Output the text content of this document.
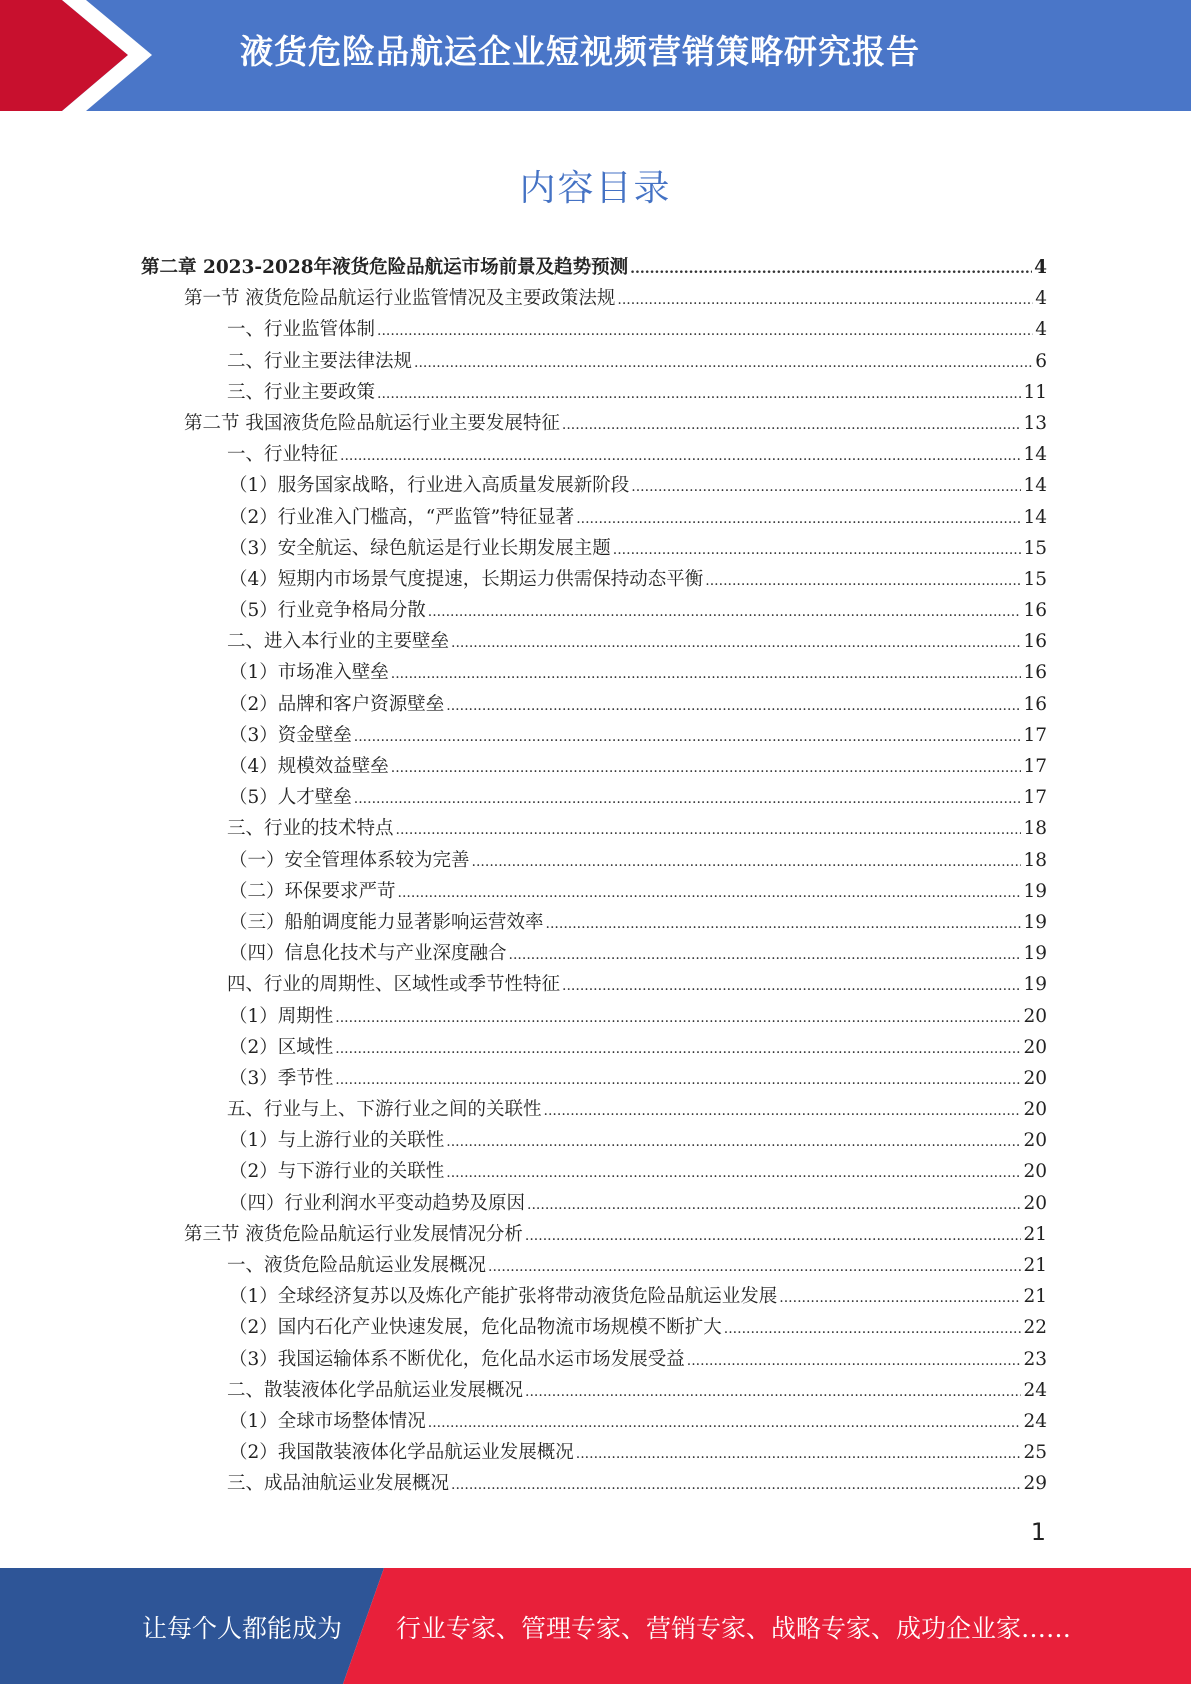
液货危险品航运企业短视频营销策略研究报告
内容目录
第二章 2023-2028年液货危险品航运市场前景及趋势预测 .....	4
第一节 液货危险品航运行业监管情况及主要政策法规 .....	4
一、行业监管体制 .....	4
二、行业主要法律法规 .....	6
三、行业主要政策 .....	11
第二节 我国液货危险品航运行业主要发展特征 .....	13
一、行业特征 .....	14
（1）服务国家战略，行业进入高质量发展新阶段 .....	14
（2）行业准入门槛高，“严监管”特征显著 .....	14
（3）安全航运、绿色航运是行业长期发展主题 .....	15
（4）短期内市场景气度提速，长期运力供需保持动态平衡 .....	15
（5）行业竞争格局分散 .....	16
二、进入本行业的主要壁垒 .....	16
（1）市场准入壁垒 .....	16
（2）品牌和客户资源壁垒 .....	16
（3）资金壁垒 .....	17
（4）规模效益壁垒 .....	17
（5）人才壁垒 .....	17
三、行业的技术特点 .....	18
（一）安全管理体系较为完善 .....	18
（二）环保要求严苛 .....	19
（三）船舶调度能力显著影响运营效率 .....	19
（四）信息化技术与产业深度融合 .....	19
四、行业的周期性、区域性或季节性特征 .....	19
（1）周期性 .....	20
（2）区域性 .....	20
（3）季节性 .....	20
五、行业与上、下游行业之间的关联性 .....	20
（1）与上游行业的关联性 .....	20
（2）与下游行业的关联性 .....	20
（四）行业利润水平变动趋势及原因 .....	20
第三节 液货危险品航运行业发展情况分析 .....	21
一、液货危险品航运业发展概况 .....	21
（1）全球经济复苏以及炼化产能扩张将带动液货危险品航运业发展 .....	21
（2）国内石化产业快速发展，危化品物流市场规模不断扩大 .....	22
（3）我国运输体系不断优化，危化品水运市场发展受益 .....	23
二、散装液体化学品航运业发展概况 .....	24
（1）全球市场整体情况 .....	24
（2）我国散装液体化学品航运业发展概况 .....	25
三、成品油航运业发展概况 .....	29
1
让每个人都能成为 行业专家、管理专家、营销专家、战略专家、成功企业家……
